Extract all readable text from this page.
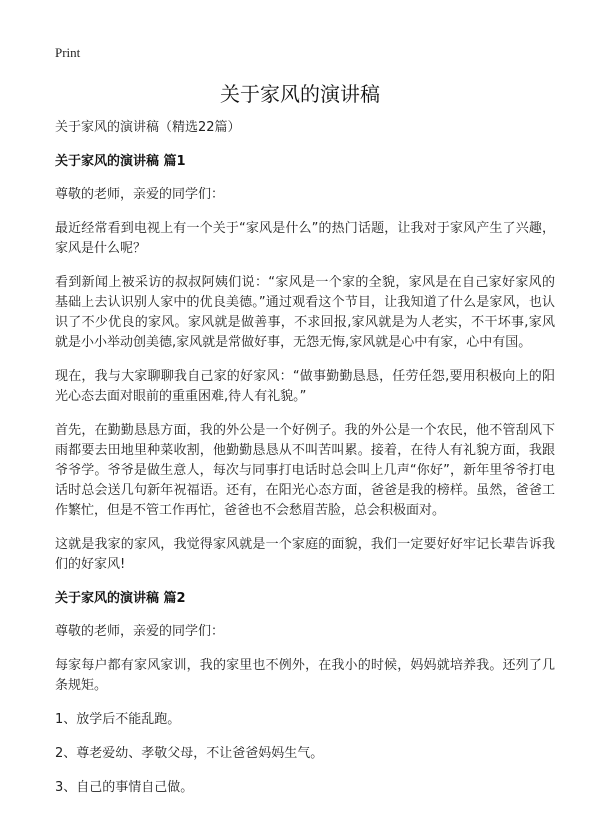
Print
关于家风的演讲稿

关于家风的演讲稿（精选22篇）

关于家风的演讲稿 篇1

尊敬的老师，亲爱的同学们：

最近经常看到电视上有一个关于“家风是什么”的热门话题，让我对于家风产生了兴趣，家风是什么呢？

看到新闻上被采访的叔叔阿姨们说：“家风是一个家的全貌，家风是在自己家好家风的基础上去认识别人家中的优良美德。”通过观看这个节目，让我知道了什么是家风，也认识了不少优良的家风。家风就是做善事，不求回报,家风就是为人老实，不干坏事,家风就是小小举动创美德,家风就是常做好事，无怨无悔,家风就是心中有家，心中有国。

现在，我与大家聊聊我自己家的好家风：“做事勤勤恳恳，任劳任怨,要用积极向上的阳光心态去面对眼前的重重困难,待人有礼貌。”

首先，在勤勤恳恳方面，我的外公是一个好例子。我的外公是一个农民，他不管刮风下雨都要去田地里种菜收割，他勤勤恳恳从不叫苦叫累。接着，在待人有礼貌方面，我跟爷爷学。爷爷是做生意人，每次与同事打电话时总会叫上几声“你好”，新年里爷爷打电话时总会送几句新年祝福语。还有，在阳光心态方面，爸爸是我的榜样。虽然，爸爸工作繁忙，但是不管工作再忙，爸爸也不会愁眉苦脸，总会积极面对。

这就是我家的家风，我觉得家风就是一个家庭的面貌，我们一定要好好牢记长辈告诉我们的好家风!

关于家风的演讲稿 篇2

尊敬的老师，亲爱的同学们：

每家每户都有家风家训，我的家里也不例外，在我小的时候，妈妈就培养我。还列了几条规矩。

1、放学后不能乱跑。

2、尊老爱幼、孝敬父母，不让爸爸妈妈生气。

3、自己的事情自己做。
